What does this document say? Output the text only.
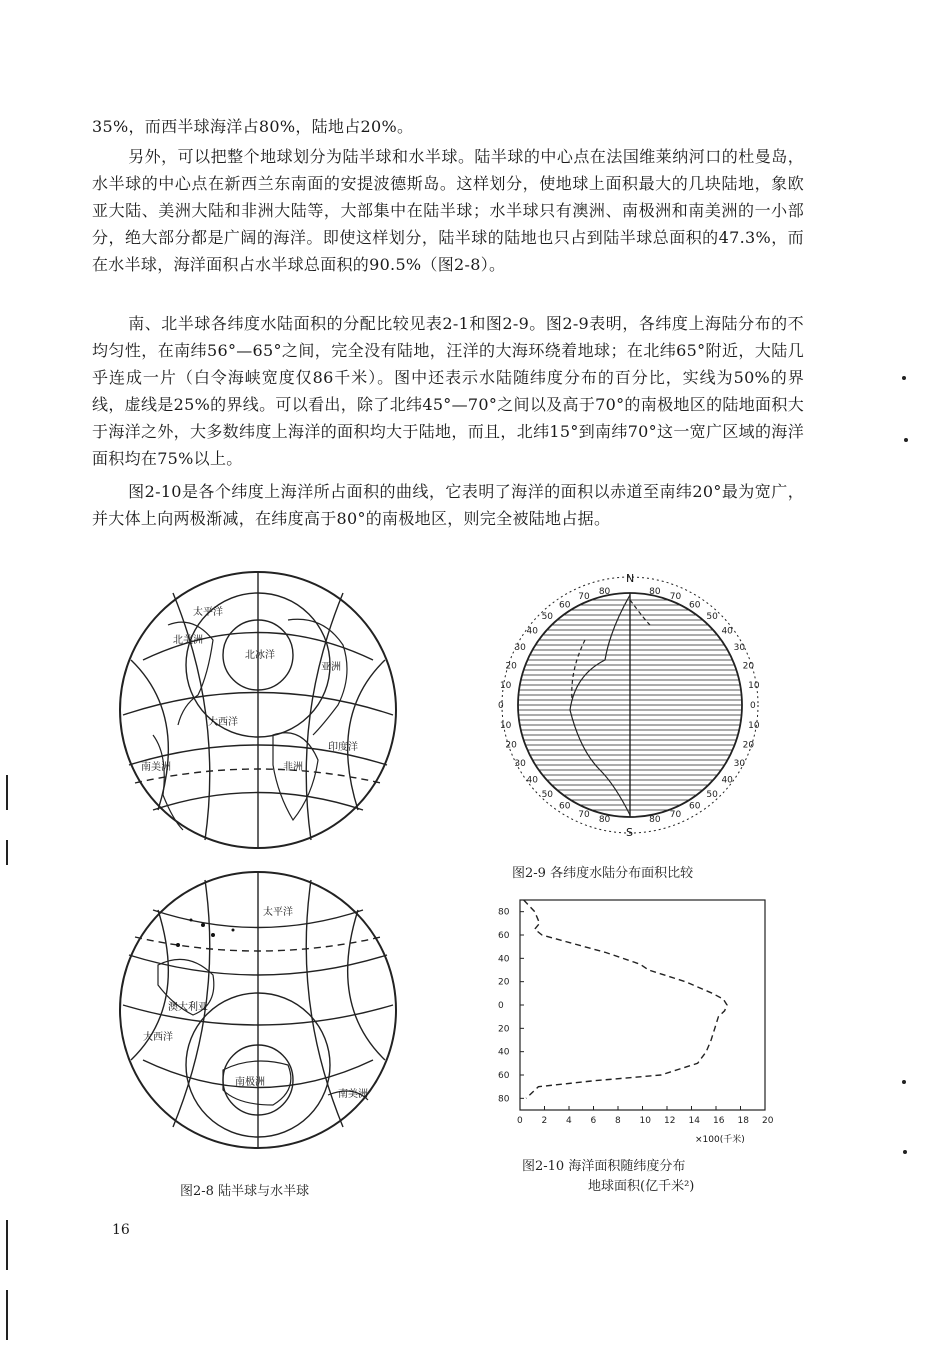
35%，而西半球海洋占80%，陆地占20%。

另外，可以把整个地球划分为陆半球和水半球。陆半球的中心点在法国维莱纳河口的杜曼岛，水半球的中心点在新西兰东南面的安提波德斯岛。这样划分，使地球上面积最大的几块陆地，象欧亚大陆、美洲大陆和非洲大陆等，大部集中在陆半球；水半球只有澳洲、南极洲和南美洲的一小部分，绝大部分都是广阔的海洋。即使这样划分，陆半球的陆地也只占到陆半球总面积的47.3%，而在水半球，海洋面积占水半球总面积的90.5%（图2-8）。

南、北半球各纬度水陆面积的分配比较见表2-1和图2-9。图2-9表明，各纬度上海陆分布的不均匀性，在南纬56°—65°之间，完全没有陆地，汪洋的大海环绕着地球；在北纬65°附近，大陆几乎连成一片（白令海峡宽度仅86千米）。图中还表示水陆随纬度分布的百分比，实线为50%的界线，虚线是25%的界线。可以看出，除了北纬45°—70°之间以及高于70°的南极地区的陆地面积大于海洋之外，大多数纬度上海洋的面积均大于陆地，而且，北纬15°到南纬70°这一宽广区域的海洋面积均在75%以上。

图2-10是各个纬度上海洋所占面积的曲线，它表明了海洋的面积以赤道至南纬20°最为宽广，并大体上向两极渐减，在纬度高于80°的南极地区，则完全被陆地占据。

太平洋
北美洲
北冰洋
亚洲
大西洋
印度洋
非洲
南美洲
太平洋
澳大利亚
南极洲
南美洲
大西洋
图2-8 陆半球与水半球
80	80
70	70
60	60
50	50
40	40
30	30
20	20
10	10
0	0
10	10
20	20
30	30
40	40
50	50
60	60
70	70
80	80
N
S
图2-9 各纬度水陆分布面积比较
80
60
40
20
0
20
40
60
80
0 2 4 6 8 10 12 14 16 18 20
×100(千米)
图2-10 海洋面积随纬度分布
地球面积(亿千米²)
16
